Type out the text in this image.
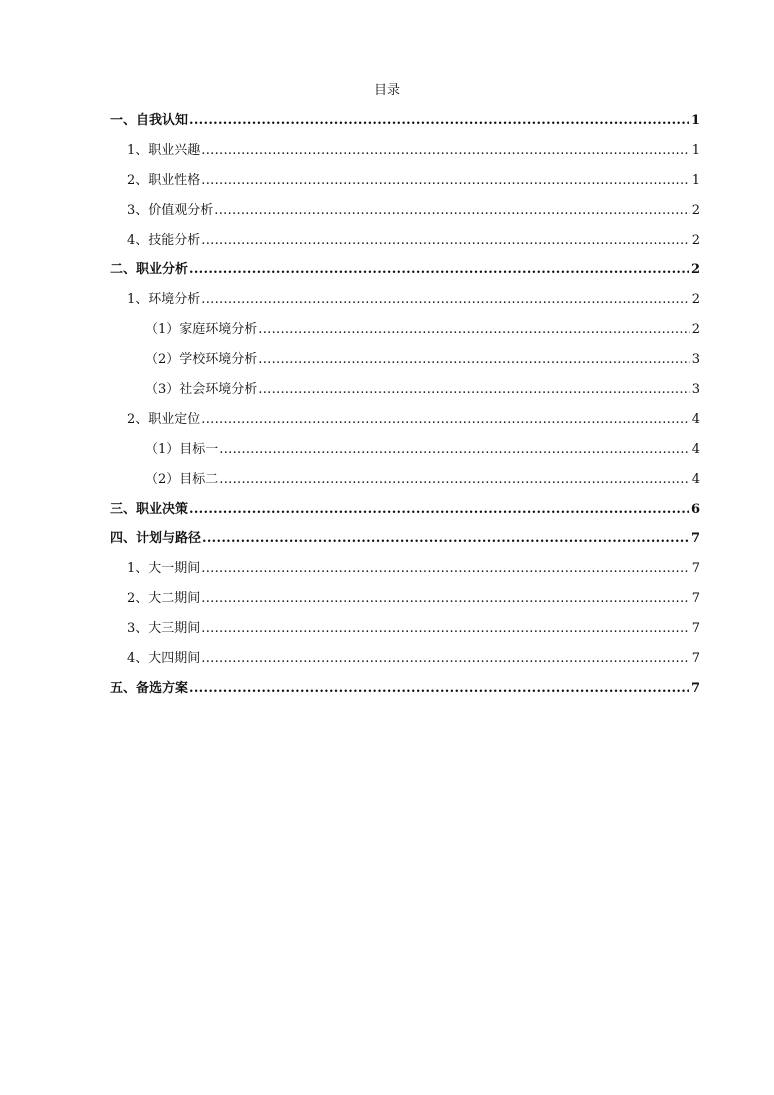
目录
一、自我认知 .....	1
1、职业兴趣 .....	1
2、职业性格 .....	1
3、价值观分析 .....	2
4、技能分析 .....	2
二、职业分析 .....	2
1、环境分析 .....	2
（1）家庭环境分析 .....	2
（2）学校环境分析 .....	3
（3）社会环境分析 .....	3
2、职业定位 .....	4
（1）目标一 .....	4
（2）目标二 .....	4
三、职业决策 .....	6
四、计划与路径 .....	7
1、大一期间 .....	7
2、大二期间 .....	7
3、大三期间 .....	7
4、大四期间 .....	7
五、备选方案 .....	7
